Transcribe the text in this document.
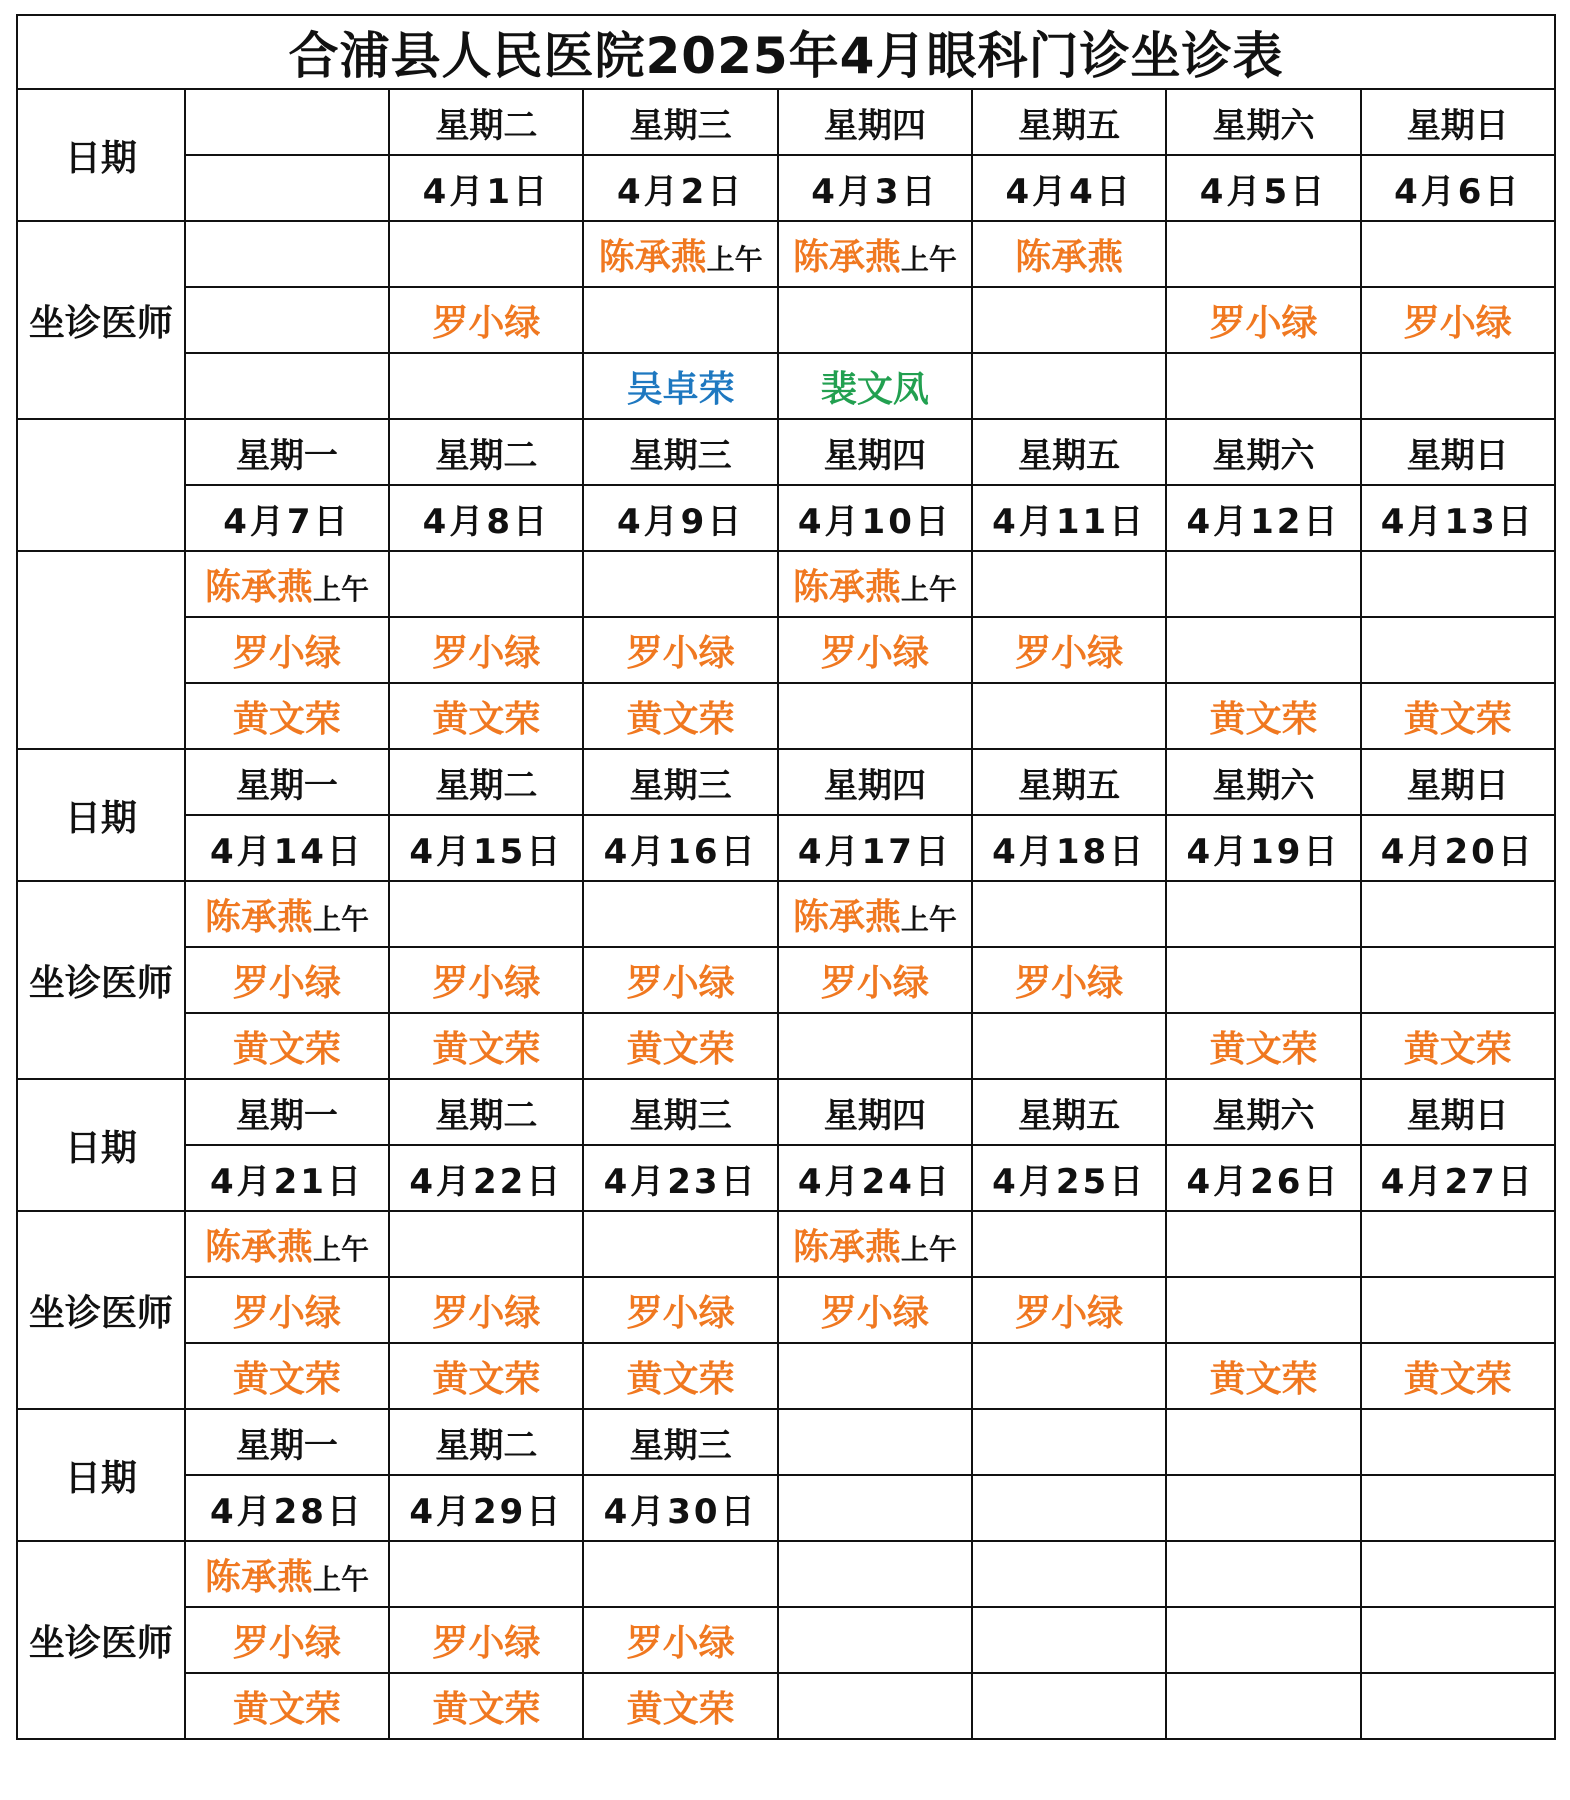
合浦县人民医院2025年4月眼科门诊坐诊表							
日期		星期二	星期三	星期四	星期五	星期六	星期日
		4月1日	4月2日	4月3日	4月4日	4月5日	4月6日
坐诊医师			陈承燕上午	陈承燕上午	陈承燕		
		罗小绿				罗小绿	罗小绿
			吴卓荣	裴文凤			
	星期一	星期二	星期三	星期四	星期五	星期六	星期日
	4月7日	4月8日	4月9日	4月10日	4月11日	4月12日	4月13日
	陈承燕上午			陈承燕上午			
	罗小绿	罗小绿	罗小绿	罗小绿	罗小绿		
	黄文荣	黄文荣	黄文荣			黄文荣	黄文荣
日期	星期一	星期二	星期三	星期四	星期五	星期六	星期日
	4月14日	4月15日	4月16日	4月17日	4月18日	4月19日	4月20日
坐诊医师	陈承燕上午			陈承燕上午			
	罗小绿	罗小绿	罗小绿	罗小绿	罗小绿		
	黄文荣	黄文荣	黄文荣			黄文荣	黄文荣
日期	星期一	星期二	星期三	星期四	星期五	星期六	星期日
	4月21日	4月22日	4月23日	4月24日	4月25日	4月26日	4月27日
坐诊医师	陈承燕上午			陈承燕上午			
	罗小绿	罗小绿	罗小绿	罗小绿	罗小绿		
	黄文荣	黄文荣	黄文荣			黄文荣	黄文荣
日期	星期一	星期二	星期三				
	4月28日	4月29日	4月30日				
坐诊医师	陈承燕上午						
	罗小绿	罗小绿	罗小绿				
	黄文荣	黄文荣	黄文荣				
